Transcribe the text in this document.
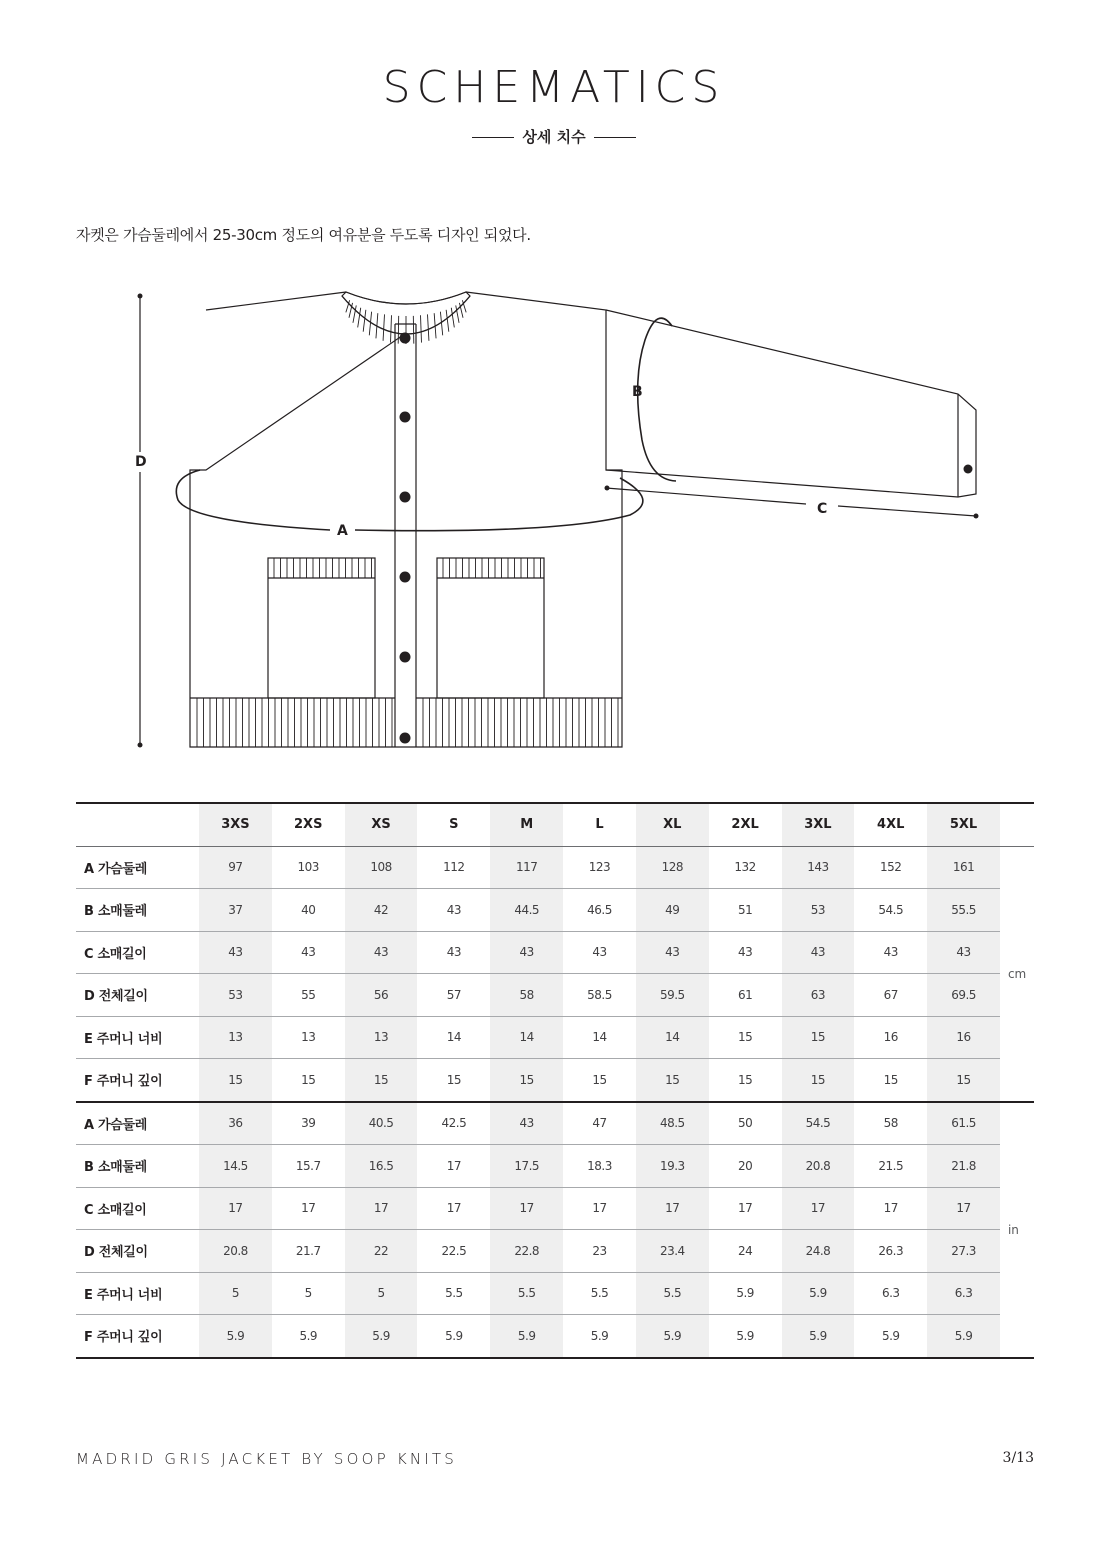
SCHEMATICS
상세 치수
자켓은 가슴둘레에서 25-30cm 정도의 여유분을 두도록 디자인 되었다.
A
B
C
D
	3XS	2XS	XS	S	M	L	XL	2XL	3XL	4XL	5XL	
A 가슴둘레	97	103	108	112	117	123	128	132	143	152	161	cm
B 소매둘레	37	40	42	43	44.5	46.5	49	51	53	54.5	55.5	
C 소매길이	43	43	43	43	43	43	43	43	43	43	43	
D 전체길이	53	55	56	57	58	58.5	59.5	61	63	67	69.5	
E 주머니 너비	13	13	13	14	14	14	14	15	15	16	16	
F 주머니 깊이	15	15	15	15	15	15	15	15	15	15	15	
A 가슴둘레	36	39	40.5	42.5	43	47	48.5	50	54.5	58	61.5	in
B 소매둘레	14.5	15.7	16.5	17	17.5	18.3	19.3	20	20.8	21.5	21.8	
C 소매길이	17	17	17	17	17	17	17	17	17	17	17	
D 전체길이	20.8	21.7	22	22.5	22.8	23	23.4	24	24.8	26.3	27.3	
E 주머니 너비	5	5	5	5.5	5.5	5.5	5.5	5.9	5.9	6.3	6.3	
F 주머니 깊이	5.9	5.9	5.9	5.9	5.9	5.9	5.9	5.9	5.9	5.9	5.9	
MADRID GRIS JACKET BY SOOP KNITS	3/13
